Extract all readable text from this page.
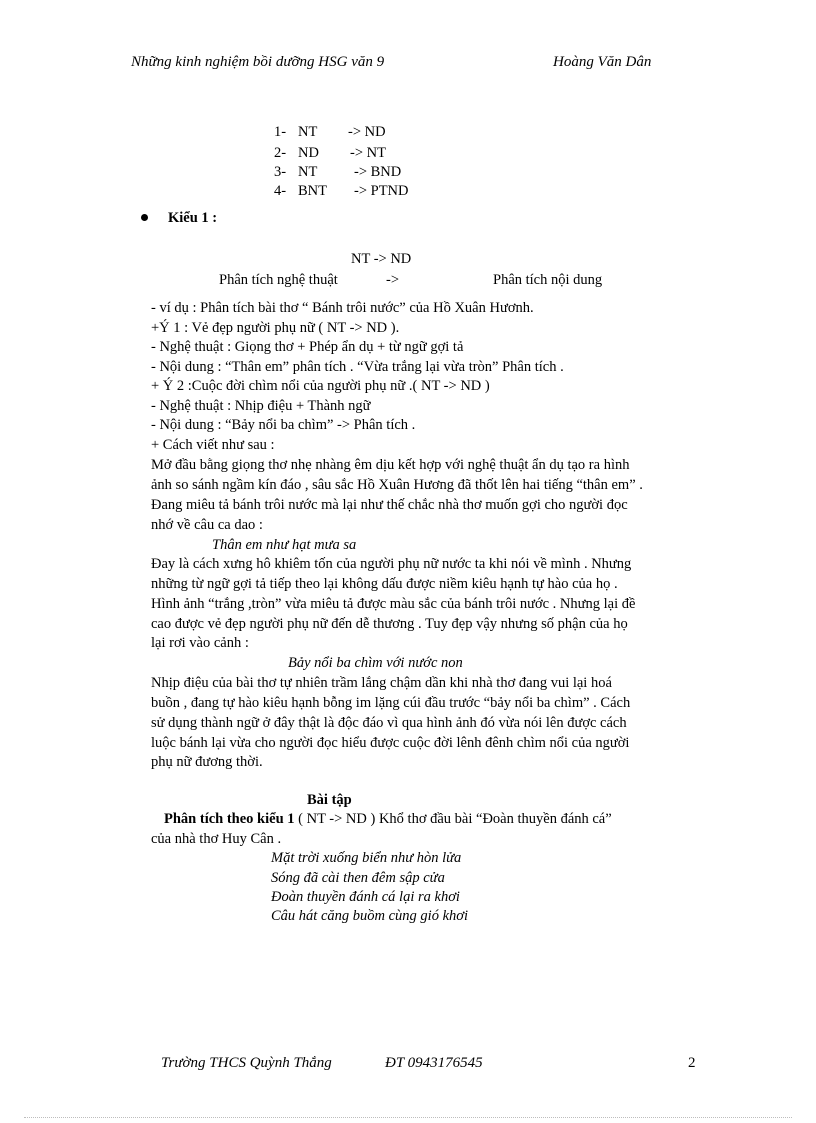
Những kinh nghiệm bồi dưỡng HSG văn 9	Hoàng Văn Dân
1- NT -> ND
2- ND -> NT
3- NT	-> BND
4- BNT -> PTND
Kiểu 1 :
NT -> ND
Phân tích nghệ thuật	->	Phân tích nội dung
- ví dụ : Phân tích bài thơ “ Bánh trôi nước” của Hồ Xuân Hươnh.
+Ý 1 : Vẻ đẹp người phụ nữ ( NT -> ND ).
- Nghệ thuật : Giọng thơ + Phép ẩn dụ + từ ngữ gợi tả
- Nội dung : “Thân em” phân tích . “Vừa trắng lại vừa tròn” Phân tích .
+ Ý 2 :Cuộc đời chìm nổi của người phụ nữ .( NT -> ND )
- Nghệ thuật : Nhịp điệu + Thành ngữ
- Nội dung : “Bảy nổi ba chìm” -> Phân tích .
+ Cách viết như sau :
Mở đầu bằng giọng thơ nhẹ nhàng êm dịu kết hợp với nghệ thuật ẩn dụ tạo ra hình
ảnh so sánh ngầm kín đáo , sâu sắc Hồ Xuân Hương đã thốt lên hai tiếng “thân em” .
Đang miêu tả bánh trôi nước mà lại như thế chắc nhà thơ muốn gợi cho người đọc
nhớ về câu ca dao :
Thân em như hạt mưa sa
Đay là cách xưng hô khiêm tốn của người phụ nữ nước ta khi nói về mình . Nhưng
những từ ngữ gợi tả tiếp theo lại không dấu được niềm kiêu hạnh tự hào của họ .
Hình ảnh “trắng ,tròn” vừa miêu tả được màu sắc của bánh trôi nước . Nhưng lại đề
cao được vẻ đẹp người phụ nữ đến dễ thương . Tuy đẹp vậy nhưng số phận của họ
lại rơi vào cảnh :
Bảy nổi ba chìm với nước non
Nhịp điệu của bài thơ tự nhiên trầm lắng chậm dần khi nhà thơ đang vui lại hoá
buồn , đang tự hào kiêu hạnh bỗng im lặng cúi đầu trước “bảy nổi ba chìm” . Cách
sử dụng thành ngữ ở đây thật là độc đáo vì qua hình ảnh đó vừa nói lên được cách
luộc bánh lại vừa cho người đọc hiểu được cuộc đời lênh đênh chìm nổi của người
phụ nữ đương thời.
Bài tập
Phân tích theo kiểu 1 ( NT -> ND ) Khổ thơ đầu bài “Đoàn thuyền đánh cá”
của nhà thơ Huy Cân .
Mặt trời xuống biển như hòn lửa
Sóng đã cài then đêm sập cửa
Đoàn thuyền đánh cá lại ra khơi
Câu hát căng buồm cùng gió khơi
Trường THCS Quỳnh Thắng	ĐT 0943176545	2
